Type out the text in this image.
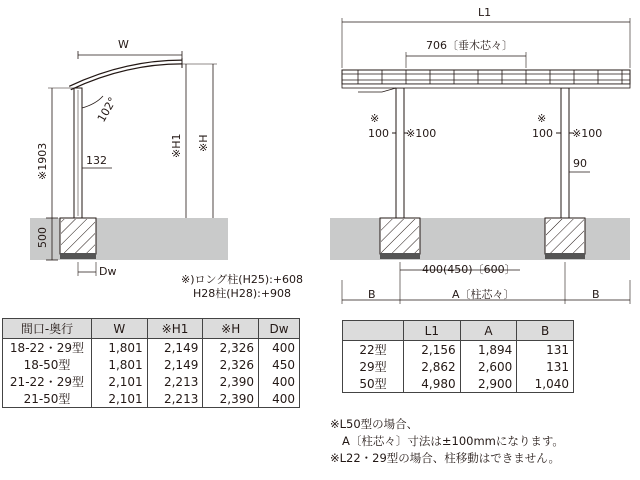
W
102°
※1903
500
132
※H1 ※H
Dw
L1
706〔垂木芯々〕
※
100 ※100
※
100 ※100
90
400(450)〔600〕
B	A〔柱芯々〕	B
※)ロング柱(H25):+608
H28柱(H28):+908
間口-奥行	W	※H1	※H	Dw
18-22・29型	1,801	2,149	2,326	400
18-50型	1,801	2,149	2,326	450
21-22・29型	2,101	2,213	2,390	400
21-50型	2,101	2,213	2,390	400
	L1	A	B
22型	2,156	1,894	131
29型	2,862	2,600	131
50型	4,980	2,900	1,040
※L50型の場合、
A〔柱芯々〕寸法は±100mmになります。
※L22・29型の場合、柱移動はできません。
